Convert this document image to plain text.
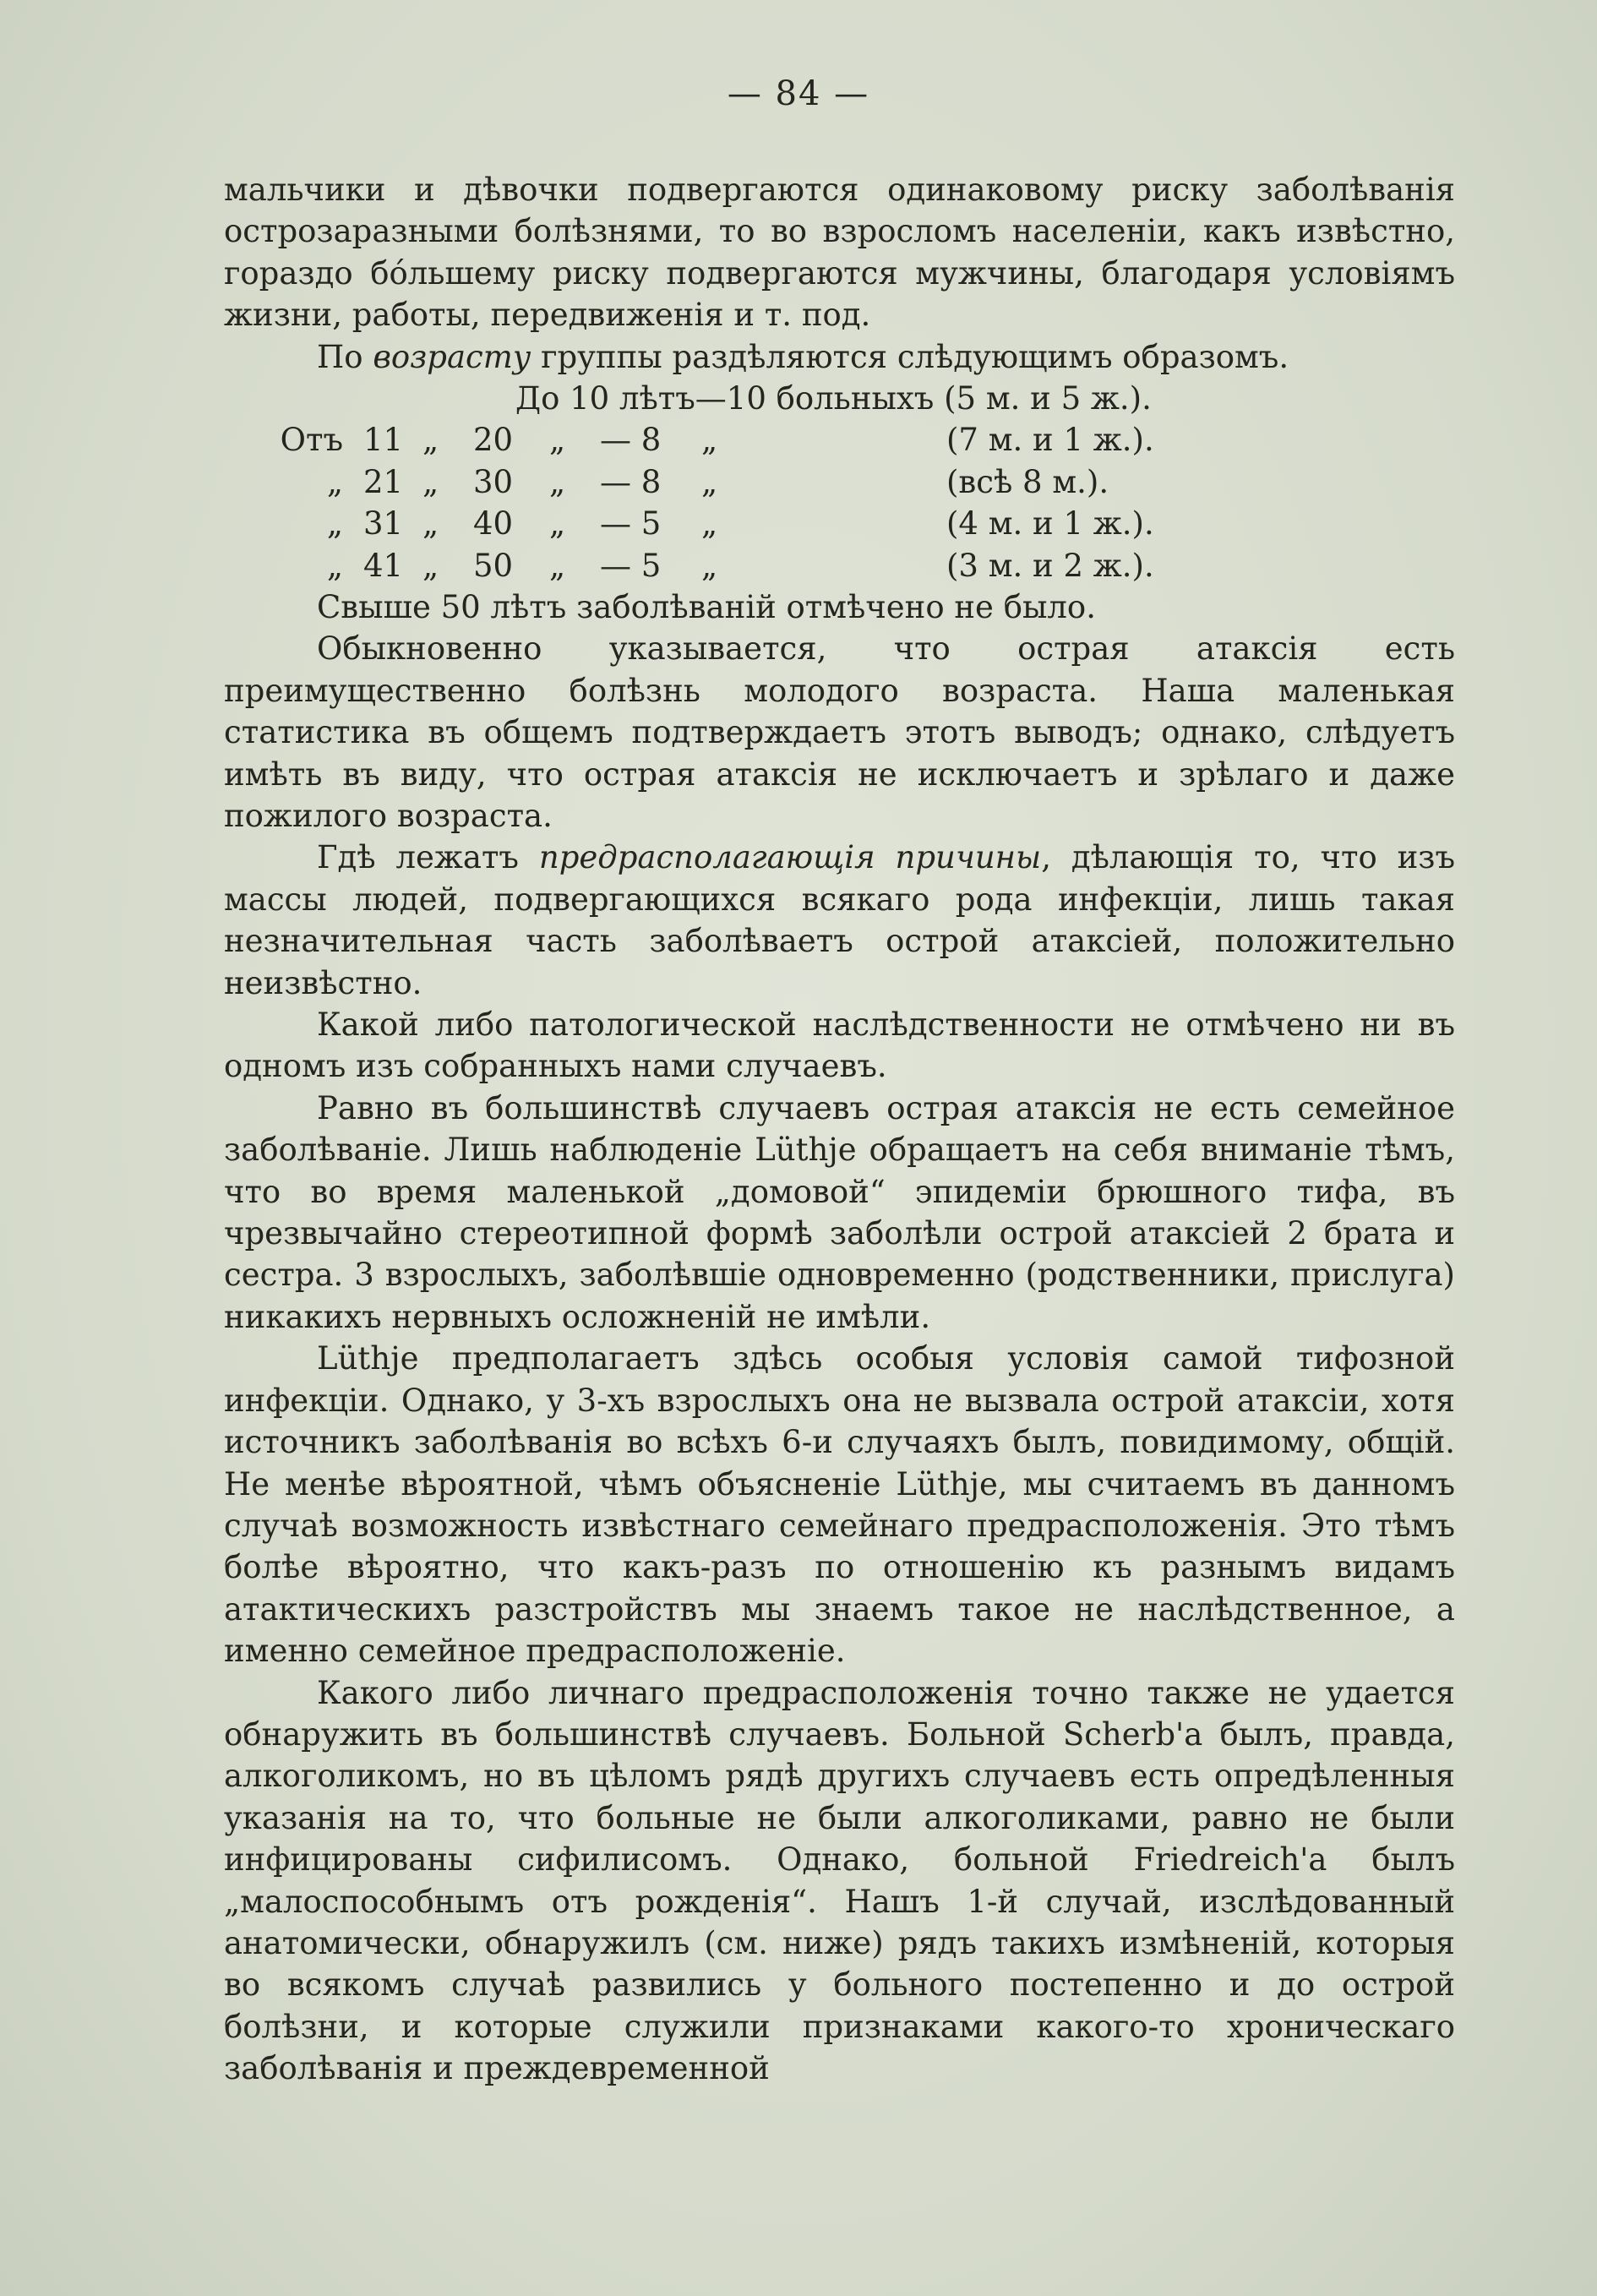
— 84 —

мальчики и дѣвочки подвергаются одинаковому риску заболѣванія острозаразными болѣзнями, то во взросломъ населеніи, какъ извѣстно, гораздо бóльшему риску подвергаются мужчины, благодаря условіямъ жизни, работы, передвиженія и т. под.

По возрасту группы раздѣляются слѣдующимъ образомъ.

До 10 лѣтъ—10 больныхъ (5 м. и 5 ж.).
Отъ 11 „	20	„	— 8	„	(7 м. и 1 ж.).
„ 21 „	30	„	— 8	„	(всѣ 8 м.).
„ 31 „	40	„	— 5	„	(4 м. и 1 ж.).
„ 41 „	50	„	— 5	„	(3 м. и 2 ж.).

Свыше 50 лѣтъ заболѣваній отмѣчено не было.

Обыкновенно указывается, что острая атаксія есть преимущественно болѣзнь молодого возраста. Наша маленькая статистика въ общемъ подтверждаетъ этотъ выводъ; однако, слѣдуетъ имѣть въ виду, что острая атаксія не исключаетъ и зрѣлаго и даже пожилого возраста.

Гдѣ лежатъ предрасполагающія причины, дѣлающія то, что изъ массы людей, подвергающихся всякаго рода инфекціи, лишь такая незначительная часть заболѣваетъ острой атаксіей, положительно неизвѣстно.

Какой либо патологической наслѣдственности не отмѣчено ни въ одномъ изъ собранныхъ нами случаевъ.

Равно въ большинствѣ случаевъ острая атаксія не есть семейное заболѣваніе. Лишь наблюденіе Lüthje обращаетъ на себя вниманіе тѣмъ, что во время маленькой „домовой“ эпидеміи брюшного тифа, въ чрезвычайно стереотипной формѣ заболѣли острой атаксіей 2 брата и сестра. 3 взрослыхъ, заболѣвшіе одновременно (родственники, прислуга) никакихъ нервныхъ осложненій не имѣли.

Lüthje предполагаетъ здѣсь особыя условія самой тифозной инфекціи. Однако, у 3-хъ взрослыхъ она не вызвала острой атаксіи, хотя источникъ заболѣванія во всѣхъ 6-и случаяхъ былъ, повидимому, общій. Не менѣе вѣроятной, чѣмъ объясненіе Lüthje, мы считаемъ въ данномъ случаѣ возможность извѣстнаго семейнаго предрасположенія. Это тѣмъ болѣе вѣроятно, что какъ-разъ по отношенію къ разнымъ видамъ атактическихъ разстройствъ мы знаемъ такое не наслѣдственное, а именно семейное предрасположеніе.

Какого либо личнаго предрасположенія точно также не удается обнаружить въ большинствѣ случаевъ. Больной Scherb'а былъ, правда, алкоголикомъ, но въ цѣломъ рядѣ другихъ случаевъ есть опредѣленныя указанія на то, что больные не были алкоголиками, равно не были инфицированы сифилисомъ. Однако, больной Friedreich'а былъ „малоспособнымъ отъ рожденія“. Нашъ 1-й случай, изслѣдованный анатомически, обнаружилъ (см. ниже) рядъ такихъ измѣненій, которыя во всякомъ случаѣ развились у больного постепенно и до острой болѣзни, и которые служили признаками какого-то хроническаго заболѣванія и преждевременной
